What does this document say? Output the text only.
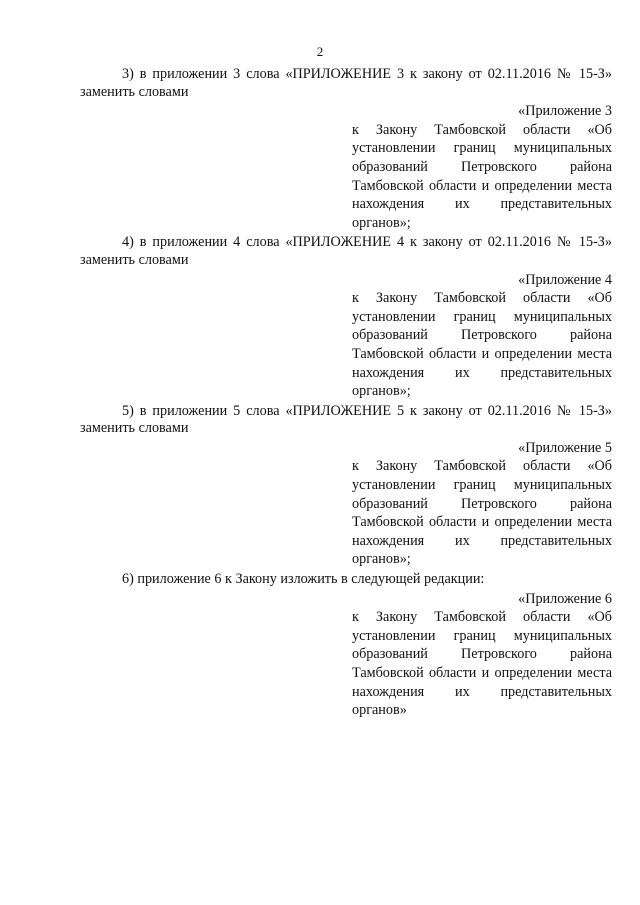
2

3) в приложении 3 слова «ПРИЛОЖЕНИЕ 3 к закону от 02.11.2016 № 15-З» заменить словами

«Приложение 3

к Закону Тамбовской области «Об установлении границ муниципальных образований Петровского района Тамбовской области и определении места нахождения их представительных органов»;

4) в приложении 4 слова «ПРИЛОЖЕНИЕ 4 к закону от 02.11.2016 № 15-З» заменить словами

«Приложение 4

к Закону Тамбовской области «Об установлении границ муниципальных образований Петровского района Тамбовской области и определении места нахождения их представительных органов»;

5) в приложении 5 слова «ПРИЛОЖЕНИЕ 5 к закону от 02.11.2016 № 15-З» заменить словами

«Приложение 5

к Закону Тамбовской области «Об установлении границ муниципальных образований Петровского района Тамбовской области и определении места нахождения их представительных органов»;

6) приложение 6 к Закону изложить в следующей редакции:

«Приложение 6

к Закону Тамбовской области «Об установлении границ муниципальных образований Петровского района Тамбовской области и определении места нахождения их представительных органов»
